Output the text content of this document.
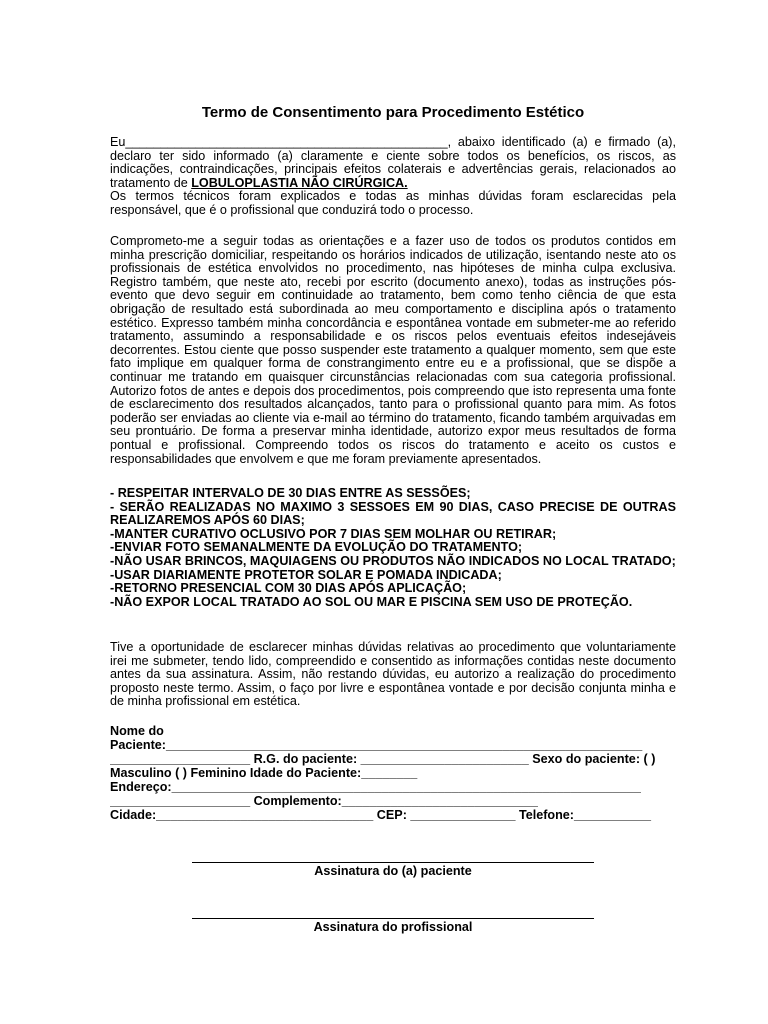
Termo de Consentimento para Procedimento Estético
Eu______________________________________________, abaixo identificado (a) e firmado (a), declaro ter sido informado (a) claramente e ciente sobre todos os benefícios, os riscos, as indicações, contraindicações, principais efeitos colaterais e advertências gerais, relacionados ao tratamento de LOBULOPLASTIA NÃO CIRÚRGICA.
Os termos técnicos foram explicados e todas as minhas dúvidas foram esclarecidas pela responsável, que é o profissional que conduzirá todo o processo.
Comprometo-me a seguir todas as orientações e a fazer uso de todos os produtos contidos em minha prescrição domiciliar, respeitando os horários indicados de utilização, isentando neste ato os profissionais de estética envolvidos no procedimento, nas hipóteses de minha culpa exclusiva. Registro também, que neste ato, recebi por escrito (documento anexo), todas as instruções pós-evento que devo seguir em continuidade ao tratamento, bem como tenho ciência de que esta obrigação de resultado está subordinada ao meu comportamento e disciplina após o tratamento estético. Expresso também minha concordância e espontânea vontade em submeter-me ao referido tratamento, assumindo a responsabilidade e os riscos pelos eventuais efeitos indesejáveis decorrentes. Estou ciente que posso suspender este tratamento a qualquer momento, sem que este fato implique em qualquer forma de constrangimento entre eu e a profissional, que se dispõe a continuar me tratando em quaisquer circunstâncias relacionadas com sua categoria profissional. Autorizo fotos de antes e depois dos procedimentos, pois compreendo que isto representa uma fonte de esclarecimento dos resultados alcançados, tanto para o profissional quanto para mim. As fotos poderão ser enviadas ao cliente via e-mail ao término do tratamento, ficando também arquivadas em seu prontuário. De forma a preservar minha identidade, autorizo expor meus resultados de forma pontual e profissional. Compreendo todos os riscos do tratamento e aceito os custos e responsabilidades que envolvem e que me foram previamente apresentados.
- RESPEITAR INTERVALO DE 30 DIAS ENTRE AS SESSÕES;
- SERÃO REALIZADAS NO MAXIMO 3 SESSOES EM 90 DIAS, CASO PRECISE DE OUTRAS REALIZAREMOS APÓS 60 DIAS;
-MANTER CURATIVO OCLUSIVO POR 7 DIAS SEM MOLHAR OU RETIRAR;
-ENVIAR FOTO SEMANALMENTE DA EVOLUÇÃO DO TRATAMENTO;
-NÃO USAR BRINCOS, MAQUIAGENS OU PRODUTOS NÃO INDICADOS NO LOCAL TRATADO;
-USAR DIARIAMENTE PROTETOR SOLAR E POMADA INDICADA;
-RETORNO PRESENCIAL COM 30 DIAS APÓS APLICAÇÃO;
-NÃO EXPOR LOCAL TRATADO AO SOL OU MAR E PISCINA SEM USO DE PROTEÇÃO.
Tive a oportunidade de esclarecer minhas dúvidas relativas ao procedimento que voluntariamente irei me submeter, tendo lido, compreendido e consentido as informações contidas neste documento antes da sua assinatura. Assim, não restando dúvidas, eu autorizo a realização do procedimento proposto neste termo. Assim, o faço por livre e espontânea vontade e por decisão conjunta minha e de minha profissional em estética.
Nome do
Paciente:____________________________________________________________________
____________________ R.G. do paciente: ________________________ Sexo do paciente: ( )
Masculino ( ) Feminino Idade do Paciente:________
Endereço:___________________________________________________________________
____________________ Complemento:____________________________
Cidade:_______________________________ CEP: _______________ Telefone:___________
Assinatura do (a) paciente
Assinatura do profissional
